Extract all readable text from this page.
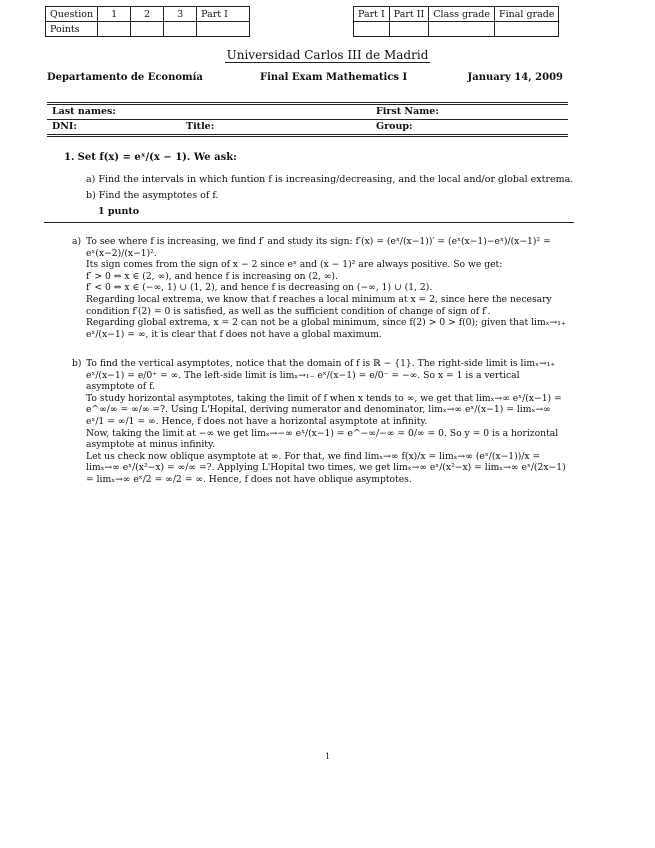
Question	1	2	3	Part I
Points				
Part I	Part II	Class grade	Final grade

Universidad Carlos III de Madrid
Departamento de Economía	Final Exam Mathematics I	January 14, 2009
Last names:	First Name:
DNI:	Title:	Group:
1. Set f(x) = eˣ/(x − 1). We ask:
a) Find the intervals in which funtion f is increasing/decreasing, and the local and/or global extrema.
b) Find the asymptotes of f.
1 punto
a) To see where f is increasing, we find f′ and study its sign: f′(x) = (eˣ/(x−1))′ = (eˣ(x−1)−eˣ)/(x−1)² = eˣ(x−2)/(x−1)².

Its sign comes from the sign of x − 2 since eˣ and (x − 1)² are always positive. So we get:

f′ > 0 ⇔ x ∈ (2, ∞), and hence f is increasing on (2, ∞).

f′ < 0 ⇔ x ∈ (−∞, 1) ∪ (1, 2), and hence f is decreasing on (−∞, 1) ∪ (1, 2).

Regarding local extrema, we know that f reaches a local minimum at x = 2, since here the necesary condition f′(2) = 0 is satisfied, as well as the sufficient condition of change of sign of f′.

Regarding global extrema, x = 2 can not be a global minimum, since f(2) > 0 > f(0); given that limₓ→₁₊ eˣ/(x−1) = ∞, it is clear that f does not have a global maximum.

b) To find the vertical asymptotes, notice that the domain of f is ℝ − {1}. The right-side limit is limₓ→₁₊ eˣ/(x−1) = e/0⁺ = ∞. The left-side limit is limₓ→₁₋ eˣ/(x−1) = e/0⁻ = −∞. So x = 1 is a vertical asymptote of f.

To study horizontal asymptotes, taking the limit of f when x tends to ∞, we get that limₓ→∞ eˣ/(x−1) = e^∞/∞ = ∞/∞ =?. Using L'Hopital, deriving numerator and denominator, limₓ→∞ eˣ/(x−1) = limₓ→∞ eˣ/1 = ∞/1 = ∞. Hence, f does not have a horizontal asymptote at infinity.

Now, taking the limit at −∞ we get limₓ→−∞ eˣ/(x−1) = e^−∞/−∞ = 0/∞ = 0. So y = 0 is a horizontal asymptote at minus infinity.

Let us check now oblique asymptote at ∞. For that, we find limₓ→∞ f(x)/x = limₓ→∞ (eˣ/(x−1))/x = limₓ→∞ eˣ/(x²−x) = ∞/∞ =?. Applying L'Hopital two times, we get limₓ→∞ eˣ/(x²−x) = limₓ→∞ eˣ/(2x−1) = limₓ→∞ eˣ/2 = ∞/2 = ∞. Hence, f does not have oblique asymptotes.

1
